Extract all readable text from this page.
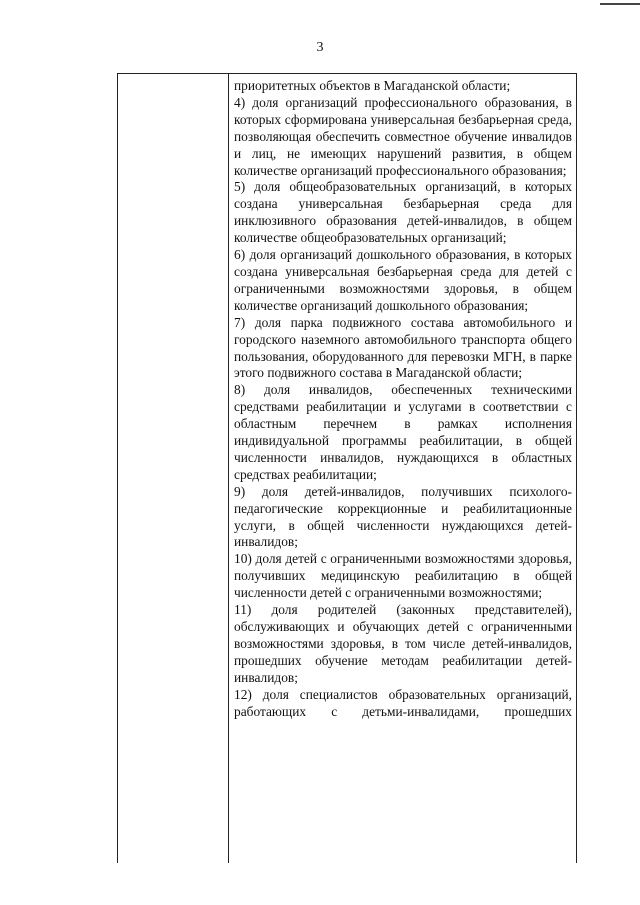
3

приоритетных объектов в Магаданской области;

4) доля организаций профессионального образования, в которых сформирована универсальная безбарьерная среда, позволяющая обеспечить совместное обучение инвалидов и лиц, не имеющих нарушений развития, в общем количестве организаций профессионального образования;

5) доля общеобразовательных организаций, в которых создана универсальная безбарьерная среда для инклюзивного образования детей-инвалидов, в общем количестве общеобразовательных организаций;

6) доля организаций дошкольного образования, в которых создана универсальная безбарьерная среда для детей с ограниченными возможностями здоровья, в общем количестве организаций дошкольного образования;

7) доля парка подвижного состава автомобильного и городского наземного автомобильного транспорта общего пользования, оборудованного для перевозки МГН, в парке этого подвижного состава в Магаданской области;

8) доля инвалидов, обеспеченных техническими средствами реабилитации и услугами в соответствии с областным перечнем в рамках исполнения индивидуальной программы реабилитации, в общей численности инвалидов, нуждающихся в областных средствах реабилитации;

9) доля детей-инвалидов, получивших психолого-педагогические коррекционные и реабилитационные услуги, в общей численности нуждающихся детей-инвалидов;

10) доля детей с ограниченными возможностями здоровья, получивших медицинскую реабилитацию в общей численности детей с ограниченными возможностями;

11) доля родителей (законных представителей), обслуживающих и обучающих детей с ограниченными возможностями здоровья, в том числе детей-инвалидов, прошедших обучение методам реабилитации детей-инвалидов;

12) доля специалистов образовательных организаций, работающих с детьми-инвалидами, прошедших
